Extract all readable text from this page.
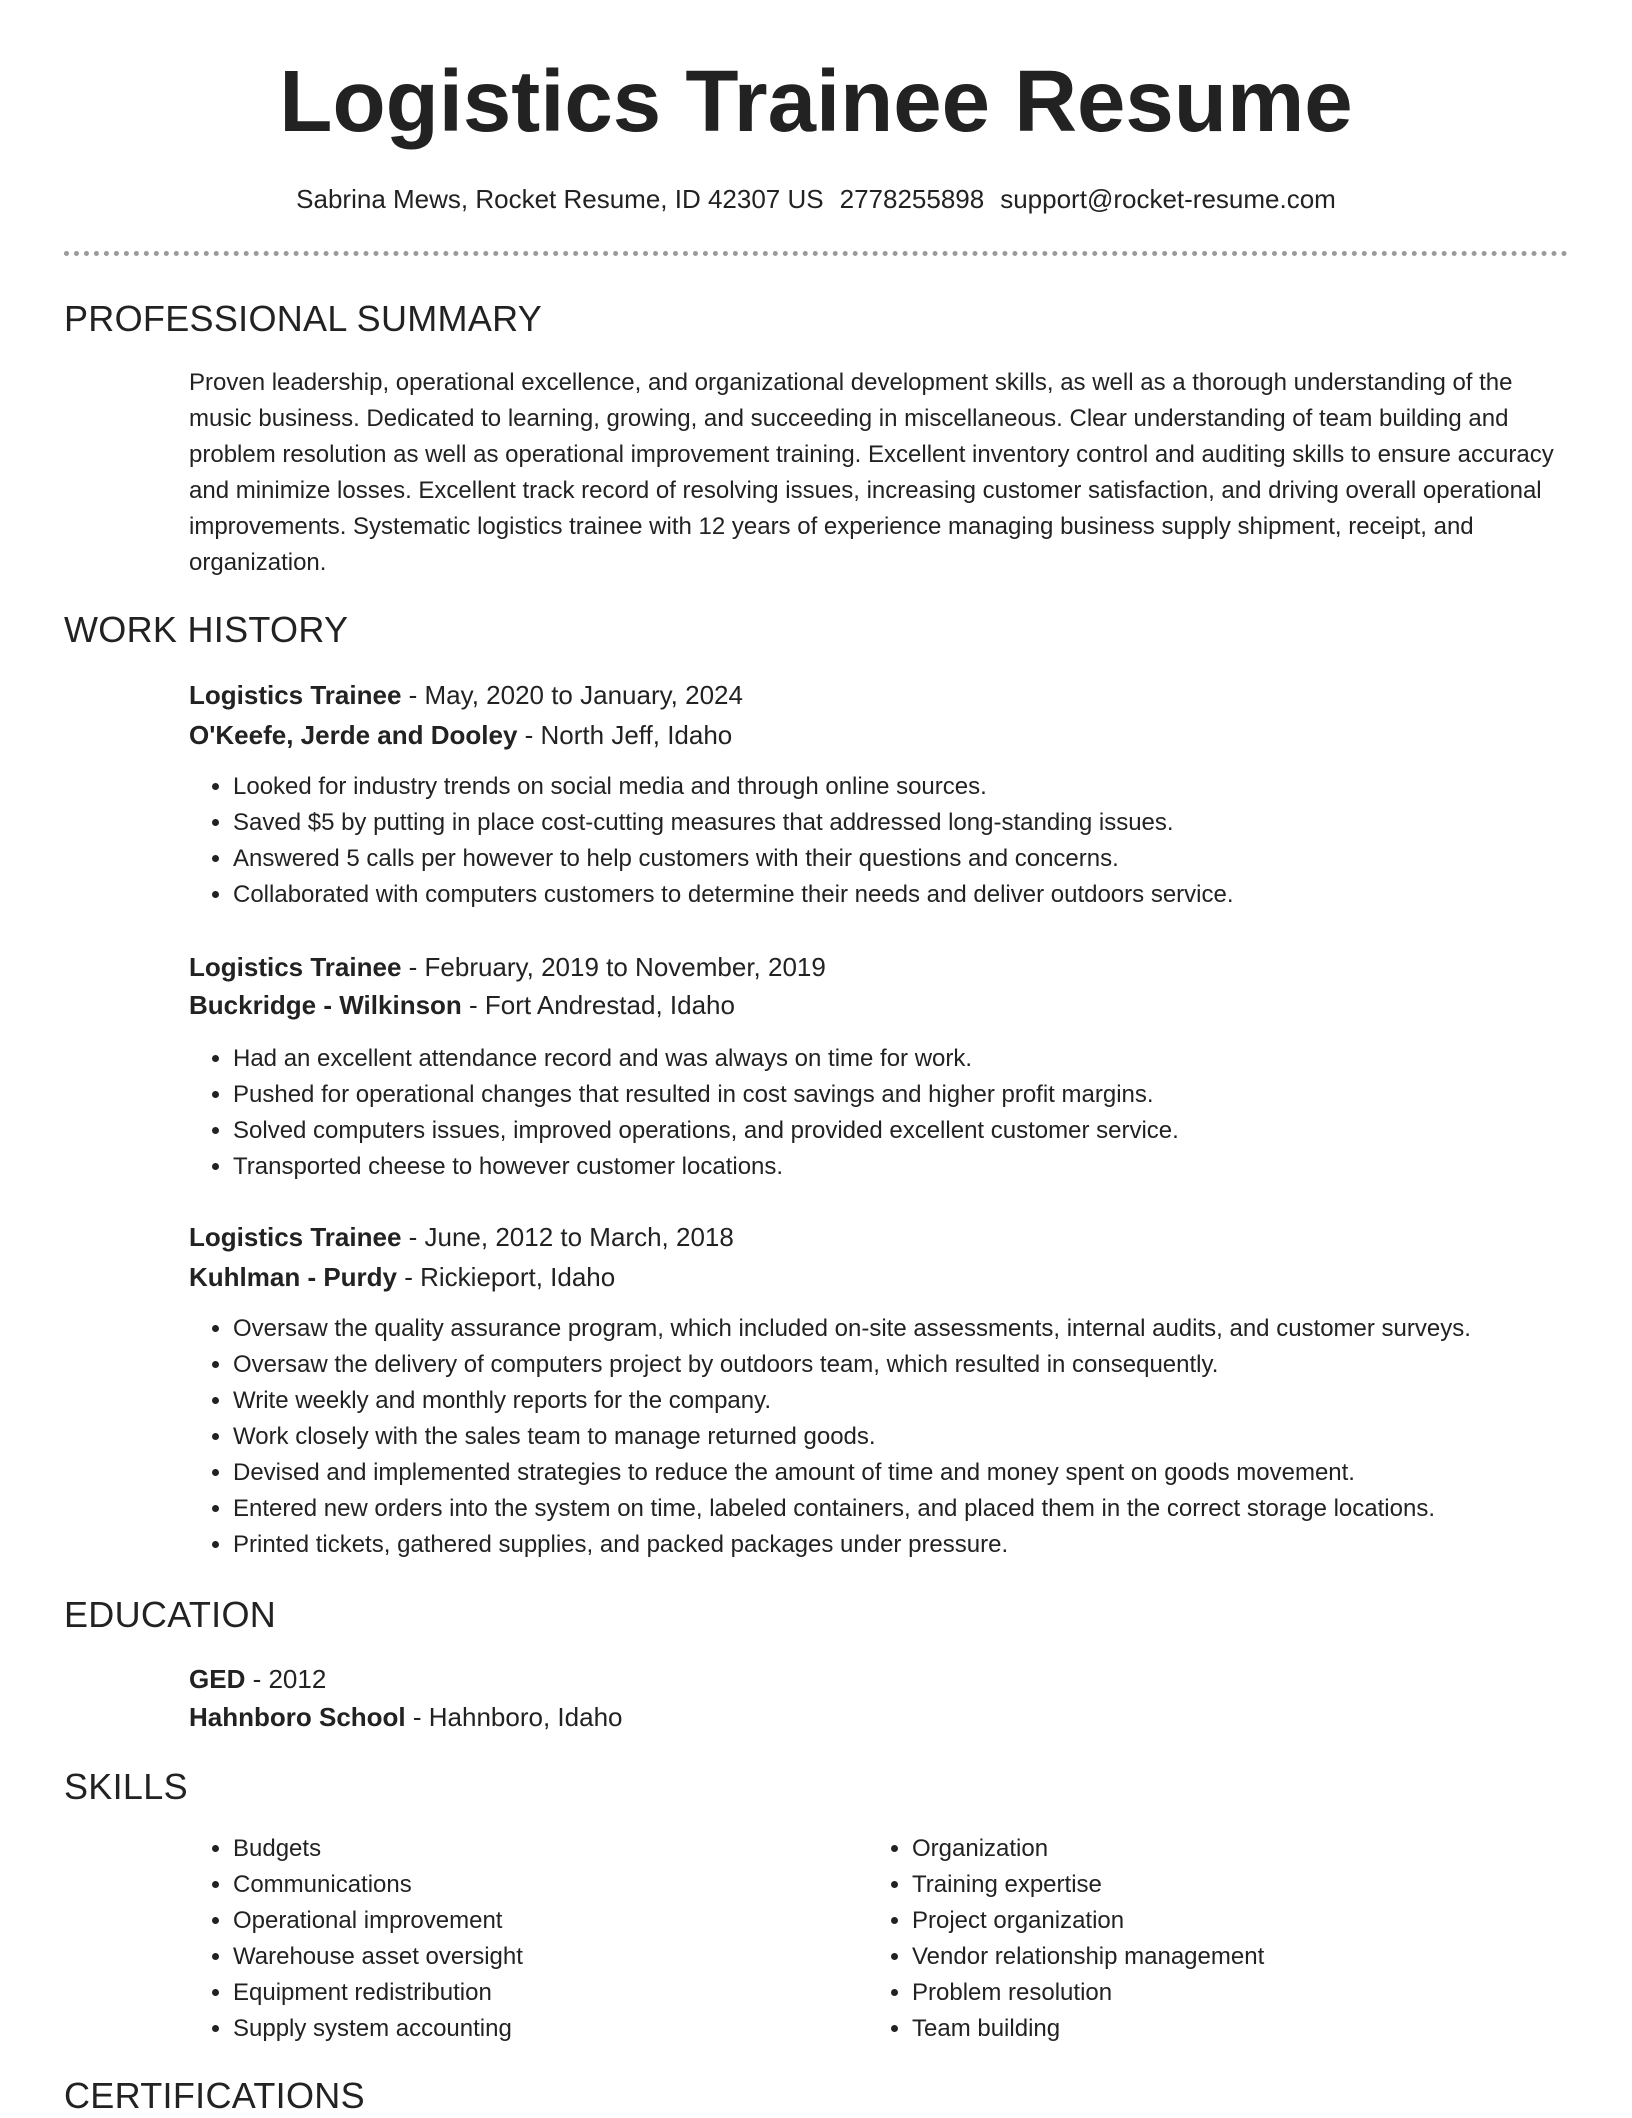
Logistics Trainee Resume
Sabrina Mews, Rocket Resume, ID 42307 US 2778255898 support@rocket-resume.com
PROFESSIONAL SUMMARY
Proven leadership, operational excellence, and organizational development skills, as well as a thorough understanding of the music business. Dedicated to learning, growing, and succeeding in miscellaneous. Clear understanding of team building and problem resolution as well as operational improvement training. Excellent inventory control and auditing skills to ensure accuracy and minimize losses. Excellent track record of resolving issues, increasing customer satisfaction, and driving overall operational improvements. Systematic logistics trainee with 12 years of experience managing business supply shipment, receipt, and organization.
WORK HISTORY
Logistics Trainee - May, 2020 to January, 2024
O'Keefe, Jerde and Dooley - North Jeff, Idaho
• Looked for industry trends on social media and through online sources.
• Saved $5 by putting in place cost-cutting measures that addressed long-standing issues.
• Answered 5 calls per however to help customers with their questions and concerns.
• Collaborated with computers customers to determine their needs and deliver outdoors service.
Logistics Trainee - February, 2019 to November, 2019
Buckridge - Wilkinson - Fort Andrestad, Idaho
• Had an excellent attendance record and was always on time for work.
• Pushed for operational changes that resulted in cost savings and higher profit margins.
• Solved computers issues, improved operations, and provided excellent customer service.
• Transported cheese to however customer locations.
Logistics Trainee - June, 2012 to March, 2018
Kuhlman - Purdy - Rickieport, Idaho
• Oversaw the quality assurance program, which included on-site assessments, internal audits, and customer surveys.
• Oversaw the delivery of computers project by outdoors team, which resulted in consequently.
• Write weekly and monthly reports for the company.
• Work closely with the sales team to manage returned goods.
• Devised and implemented strategies to reduce the amount of time and money spent on goods movement.
• Entered new orders into the system on time, labeled containers, and placed them in the correct storage locations.
• Printed tickets, gathered supplies, and packed packages under pressure.
EDUCATION
GED - 2012
Hahnboro School - Hahnboro, Idaho
SKILLS
• Budgets
• Communications
• Operational improvement
• Warehouse asset oversight
• Equipment redistribution
• Supply system accounting
• Organization
• Training expertise
• Project organization
• Vendor relationship management
• Problem resolution
• Team building
CERTIFICATIONS
